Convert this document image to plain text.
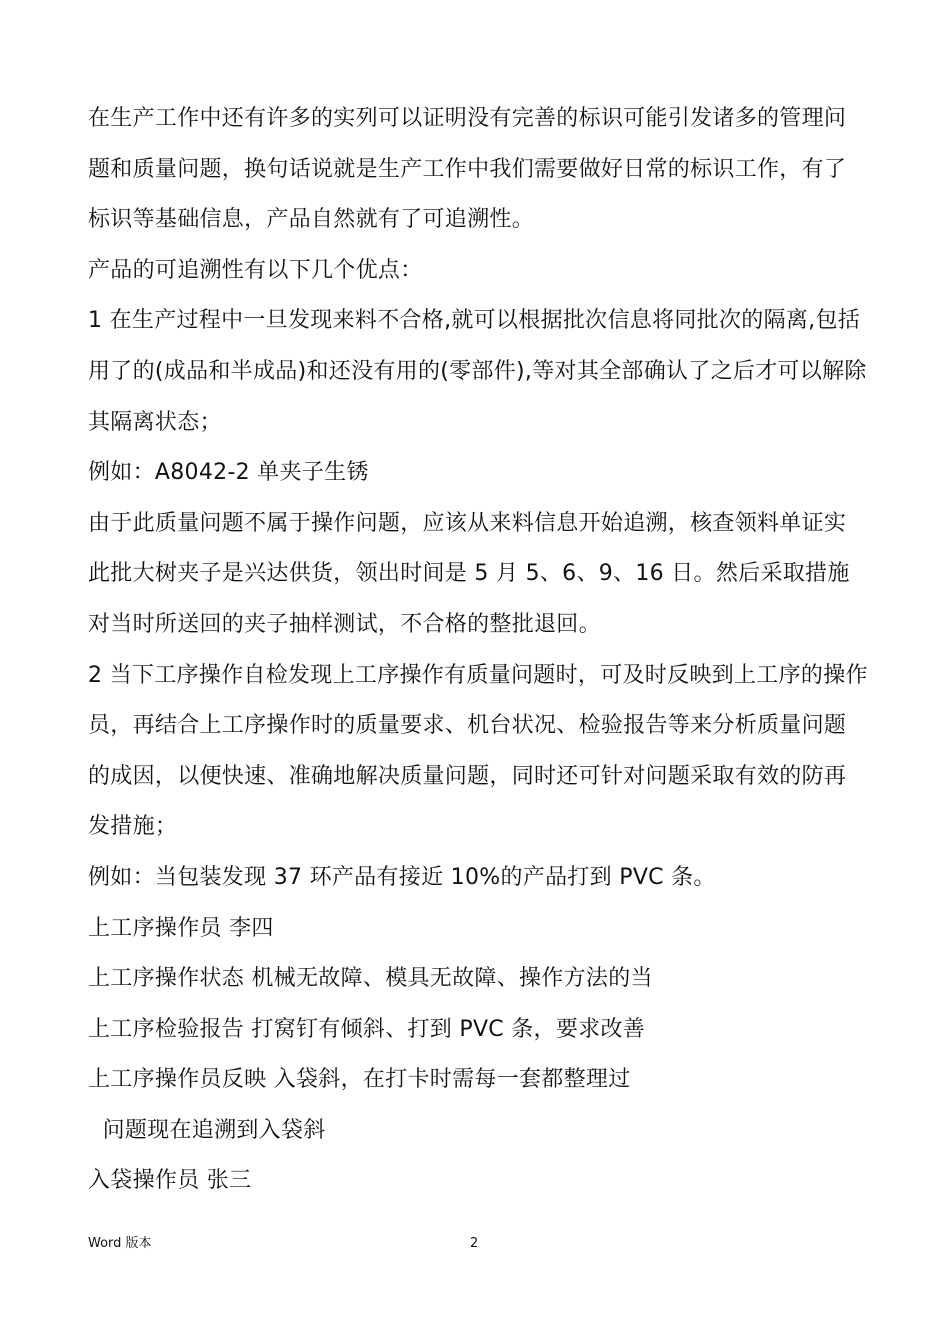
在生产工作中还有许多的实列可以证明没有完善的标识可能引发诸多的管理问题和质量问题，换句话说就是生产工作中我们需要做好日常的标识工作，有了标识等基础信息，产品自然就有了可追溯性。

产品的可追溯性有以下几个优点：

1 在生产过程中一旦发现来料不合格,就可以根据批次信息将同批次的隔离,包括用了的(成品和半成品)和还没有用的(零部件),等对其全部确认了之后才可以解除其隔离状态；

例如：A8042-2 单夹子生锈

由于此质量问题不属于操作问题，应该从来料信息开始追溯，核查领料单证实此批大树夹子是兴达供货，领出时间是 5 月 5、6、9、16 日。然后采取措施对当时所送回的夹子抽样测试，不合格的整批退回。

2 当下工序操作自检发现上工序操作有质量问题时，可及时反映到上工序的操作员，再结合上工序操作时的质量要求、机台状况、检验报告等来分析质量问题的成因，以便快速、准确地解决质量问题，同时还可针对问题采取有效的防再发措施；

例如：当包装发现 37 环产品有接近 10%的产品打到 PVC 条。

上工序操作员 李四

上工序操作状态 机械无故障、模具无故障、操作方法的当

上工序检验报告 打窝钉有倾斜、打到 PVC 条，要求改善

上工序操作员反映 入袋斜，在打卡时需每一套都整理过

问题现在追溯到入袋斜

入袋操作员 张三

Word 版本	2
